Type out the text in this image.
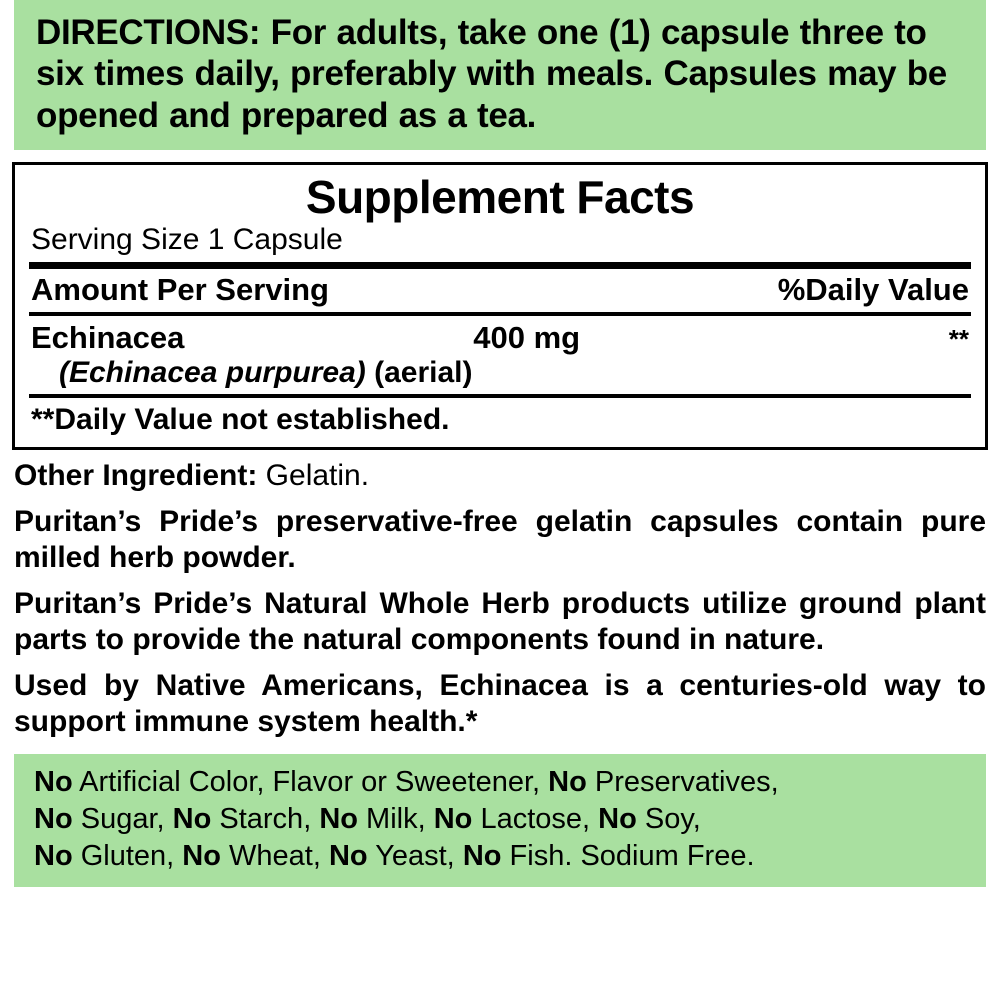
DIRECTIONS: For adults, take one (1) capsule three to six times daily, preferably with meals. Capsules may be opened and prepared as a tea.
Supplement Facts
Serving Size 1 Capsule
Amount Per Serving	%Daily Value
Echinacea	400 mg	**
(Echinacea purpurea) (aerial)
**Daily Value not established.
Other Ingredient: Gelatin.
Puritan’s Pride’s preservative-free gelatin capsules contain pure milled herb powder.
Puritan’s Pride’s Natural Whole Herb products utilize ground plant parts to provide the natural components found in nature.
Used by Native Americans, Echinacea is a centuries-old way to support immune system health.*
No Artificial Color, Flavor or Sweetener, No Preservatives,
No Sugar, No Starch, No Milk, No Lactose, No Soy,
No Gluten, No Wheat, No Yeast, No Fish. Sodium Free.
